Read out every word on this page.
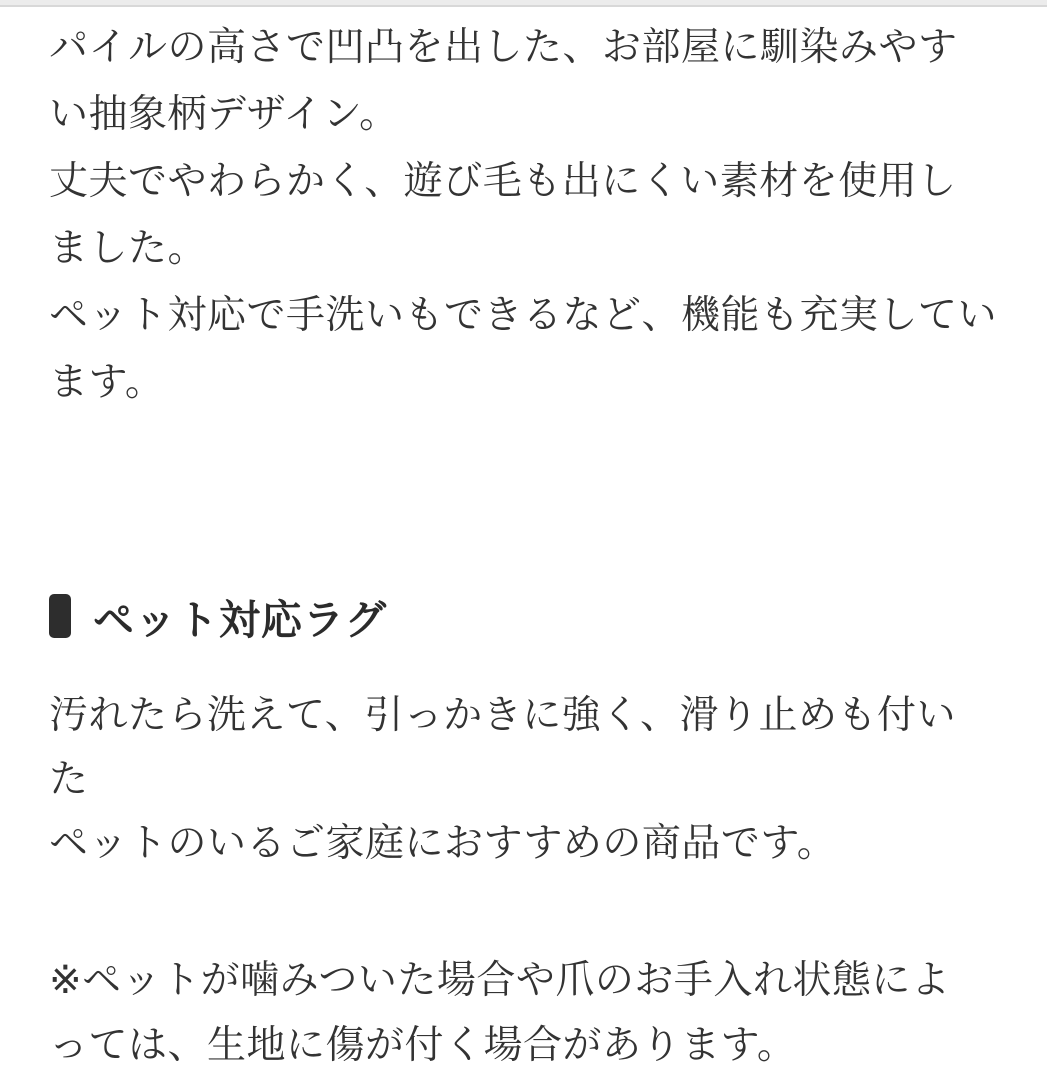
パイルの高さで凹凸を出した、お部屋に馴染みやす
い抽象柄デザイン。
丈夫でやわらかく、遊び毛も出にくい素材を使用し
ました。
ペット対応で手洗いもできるなど、機能も充実してい
ます。
ペット対応ラグ
汚れたら洗えて、引っかきに強く、滑り止めも付いた
ペットのいるご家庭におすすめの商品です。
※ペットが噛みついた場合や爪のお手入れ状態によ
っては、生地に傷が付く場合があります。
